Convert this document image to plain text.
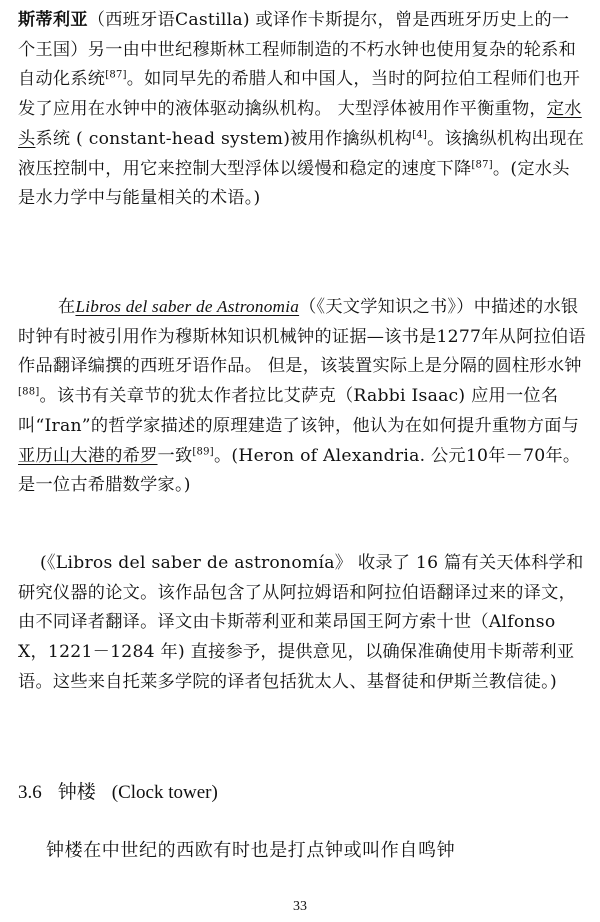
斯蒂利亚（西班牙语Castilla) 或译作卡斯提尔，曾是西班牙历史上的一个王国）另一由中世纪穆斯林工程师制造的不朽水钟也使用复杂的轮系和自动化系统[87]。如同早先的希腊人和中国人，当时的阿拉伯工程师们也开发了应用在水钟中的液体驱动擒纵机构。 大型浮体被用作平衡重物，定水头系统 ( constant-head system)被用作擒纵机构[4]。该擒纵机构出现在液压控制中，用它来控制大型浮体以缓慢和稳定的速度下降[87]。(定水头是水力学中与能量相关的术语。)

在Libros del saber de Astronomia（《天文学知识之书》）中描述的水银时钟有时被引用作为穆斯林知识机械钟的证据—该书是1277年从阿拉伯语作品翻译编撰的西班牙语作品。 但是，该装置实际上是分隔的圆柱形水钟[88]。该书有关章节的犹太作者拉比艾萨克（Rabbi Isaac) 应用一位名叫“Iran”的哲学家描述的原理建造了该钟，他认为在如何提升重物方面与亚历山大港的希罗一致[89]。(Heron of Alexandria. 公元10年－70年。是一位古希腊数学家。)

(《Libros del saber de astronomía》 收录了 16 篇有关天体科学和研究仪器的论文。该作品包含了从阿拉姆语和阿拉伯语翻译过来的译文，由不同译者翻译。译文由卡斯蒂利亚和莱昂国王阿方索十世（Alfonso X，1221－1284 年) 直接参予，提供意见，以确保准确使用卡斯蒂利亚语。这些来自托莱多学院的译者包括犹太人、基督徒和伊斯兰教信徒。)

3.6 钟楼 (Clock tower)

钟楼在中世纪的西欧有时也是打点钟或叫作自鸣钟

33
